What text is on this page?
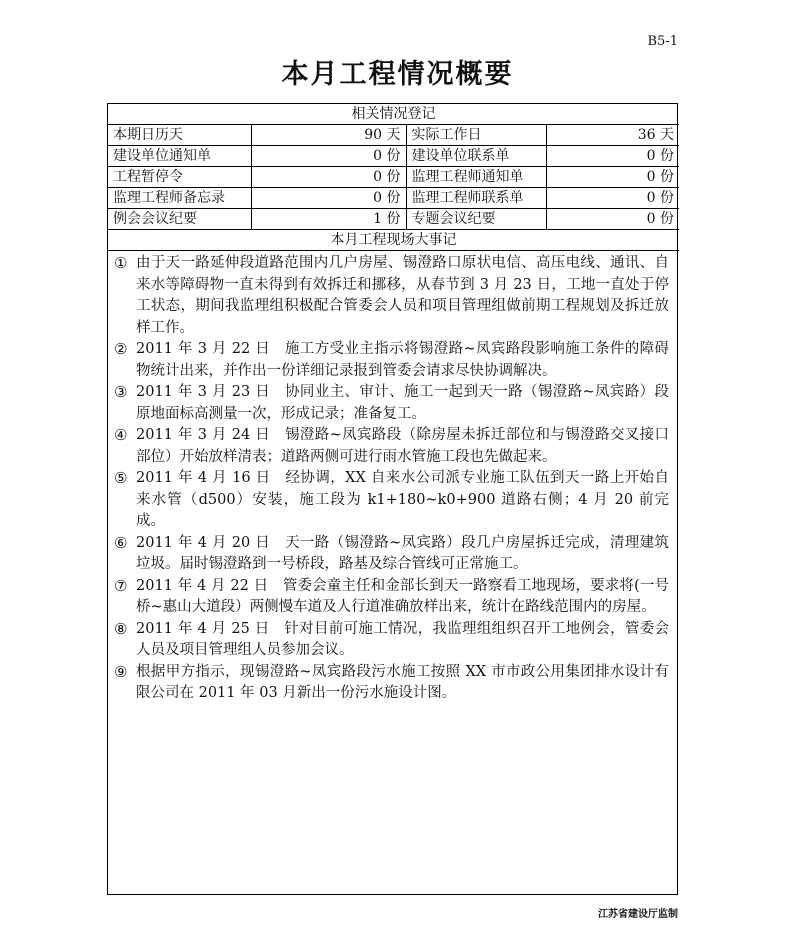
B5-1
本月工程情况概要
相关情况登记			
本期日历天	90 天	实际工作日	36 天
建设单位通知单	0 份	建设单位联系单	0 份
工程暂停令	0 份	监理工程师通知单	0 份
监理工程师备忘录	0 份	监理工程师联系单	0 份
例会会议纪要	1 份	专题会议纪要	0 份
本月工程现场大事记			
① 由于天一路延伸段道路范围内几户房屋、锡澄路口原状电信、高压电线、通讯、自来水等障碍物一直未得到有效拆迁和挪移，从春节到 3 月 23 日，工地一直处于停工状态，期间我监理组积极配合管委会人员和项目管理组做前期工程规划及拆迁放样工作。
② 2011 年 3 月 22 日　施工方受业主指示将锡澄路~凤宾路段影响施工条件的障碍物统计出来，并作出一份详细记录报到管委会请求尽快协调解决。
③ 2011 年 3 月 23 日　协同业主、审计、施工一起到天一路（锡澄路~凤宾路）段原地面标高测量一次，形成记录；准备复工。
④ 2011 年 3 月 24 日　锡澄路~凤宾路段（除房屋未拆迁部位和与锡澄路交叉接口部位）开始放样清表；道路两侧可进行雨水管施工段也先做起来。
⑤ 2011 年 4 月 16 日　经协调，XX 自来水公司派专业施工队伍到天一路上开始自来水管（d500）安装，施工段为 k1+180~k0+900 道路右侧；4 月 20 前完成。
⑥ 2011 年 4 月 20 日　天一路（锡澄路~凤宾路）段几户房屋拆迁完成，清理建筑垃圾。届时锡澄路到一号桥段，路基及综合管线可正常施工。
⑦ 2011 年 4 月 22 日　管委会童主任和金部长到天一路察看工地现场，要求将(一号桥~惠山大道段）两侧慢车道及人行道准确放样出来，统计在路线范围内的房屋。
⑧ 2011 年 4 月 25 日　针对目前可施工情况，我监理组组织召开工地例会，管委会人员及项目管理组人员参加会议。
⑨ 根据甲方指示，现锡澄路~凤宾路段污水施工按照 XX 市市政公用集团排水设计有限公司在 2011 年 03 月新出一份污水施设计图。
江苏省建设厅监制
